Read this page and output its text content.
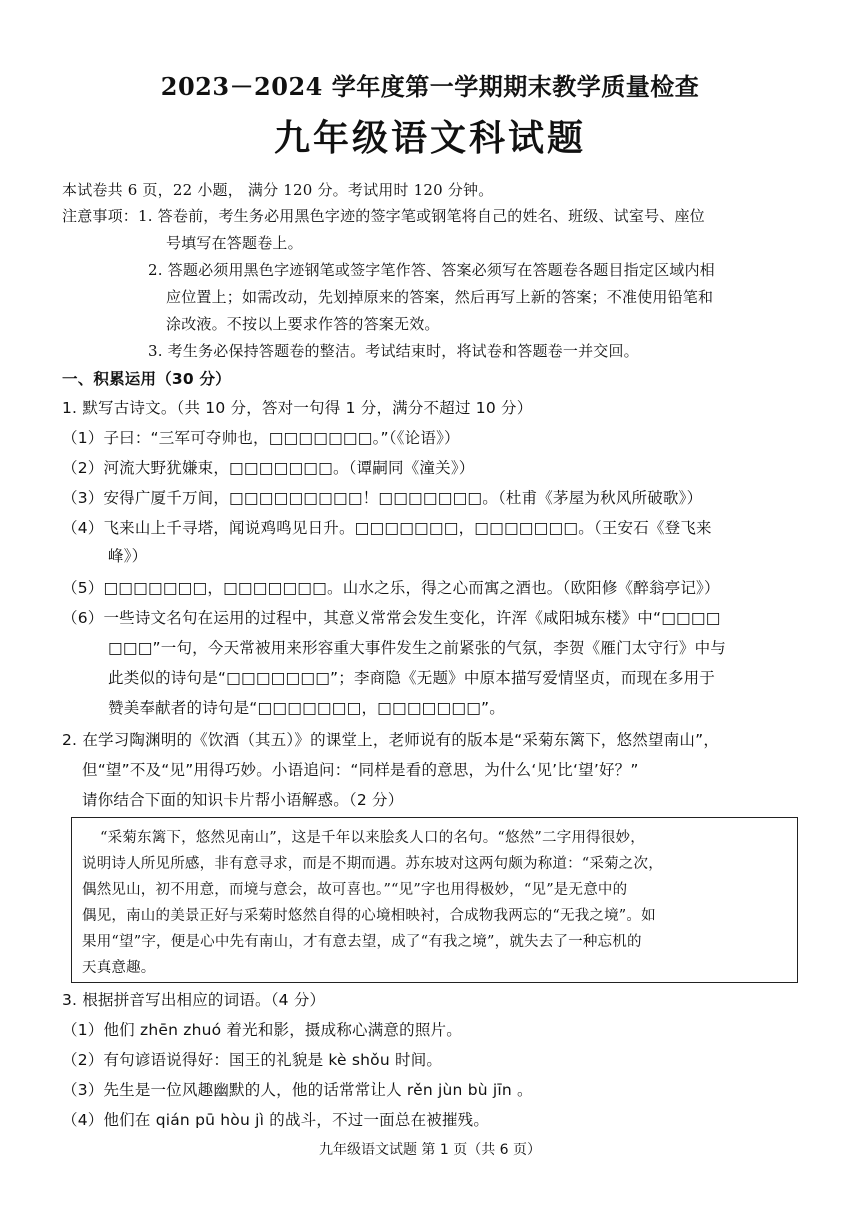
2023－2024 学年度第一学期期末教学质量检查
九年级语文科试题
本试卷共 6 页，22 小题， 满分 120 分。考试用时 120 分钟。
注意事项：1. 答卷前，考生务必用黑色字迹的签字笔或钢笔将自己的姓名、班级、试室号、座位
号填写在答题卷上。
2. 答题必须用黑色字迹钢笔或签字笔作答、答案必须写在答题卷各题目指定区域内相
应位置上；如需改动，先划掉原来的答案，然后再写上新的答案；不准使用铅笔和
涂改液。不按以上要求作答的答案无效。
3. 考生务必保持答题卷的整洁。考试结束时，将试卷和答题卷一并交回。
一、积累运用（30 分）
1. 默写古诗文。（共 10 分，答对一句得 1 分，满分不超过 10 分）
（1）子曰：“三军可夺帅也，□□□□□□□。”（《论语》）
（2）河流大野犹嫌束，□□□□□□□。（谭嗣同《潼关》）
（3）安得广厦千万间，□□□□□□□□□！□□□□□□□。（杜甫《茅屋为秋风所破歌》）
（4）飞来山上千寻塔，闻说鸡鸣见日升。□□□□□□□，□□□□□□□。（王安石《登飞来
峰》）
（5）□□□□□□□，□□□□□□□。山水之乐，得之心而寓之酒也。（欧阳修《醉翁亭记》）
（6）一些诗文名句在运用的过程中，其意义常常会发生变化，许浑《咸阳城东楼》中“□□□□
□□□”一句，今天常被用来形容重大事件发生之前紧张的气氛，李贺《雁门太守行》中与
此类似的诗句是“□□□□□□□”；李商隐《无题》中原本描写爱情坚贞，而现在多用于
赞美奉献者的诗句是“□□□□□□□，□□□□□□□”。
2. 在学习陶渊明的《饮酒（其五）》的课堂上，老师说有的版本是“采菊东篱下，悠然望南山”，
但“望”不及“见”用得巧妙。小语追问：“同样是看的意思，为什么‘见’比‘望’好？”
请你结合下面的知识卡片帮小语解惑。（2 分）
“采菊东篱下，悠然见南山”，这是千年以来脍炙人口的名句。“悠然”二字用得很妙，
说明诗人所见所感，非有意寻求，而是不期而遇。苏东坡对这两句颇为称道：“采菊之次，
偶然见山，初不用意，而境与意会，故可喜也。”“见”字也用得极妙，“见”是无意中的
偶见，南山的美景正好与采菊时悠然自得的心境相映衬，合成物我两忘的“无我之境”。如
果用“望”字，便是心中先有南山，才有意去望，成了“有我之境”，就失去了一种忘机的
天真意趣。
3. 根据拼音写出相应的词语。（4 分）
（1）他们 zhēn zhuó 着光和影，摄成称心满意的照片。
（2）有句谚语说得好：国王的礼貌是 kè shǒu 时间。
（3）先生是一位风趣幽默的人，他的话常常让人 rěn jùn bù jīn 。
（4）他们在 qián pū hòu jì 的战斗，不过一面总在被摧残。
九年级语文试题 第 1 页（共 6 页）
